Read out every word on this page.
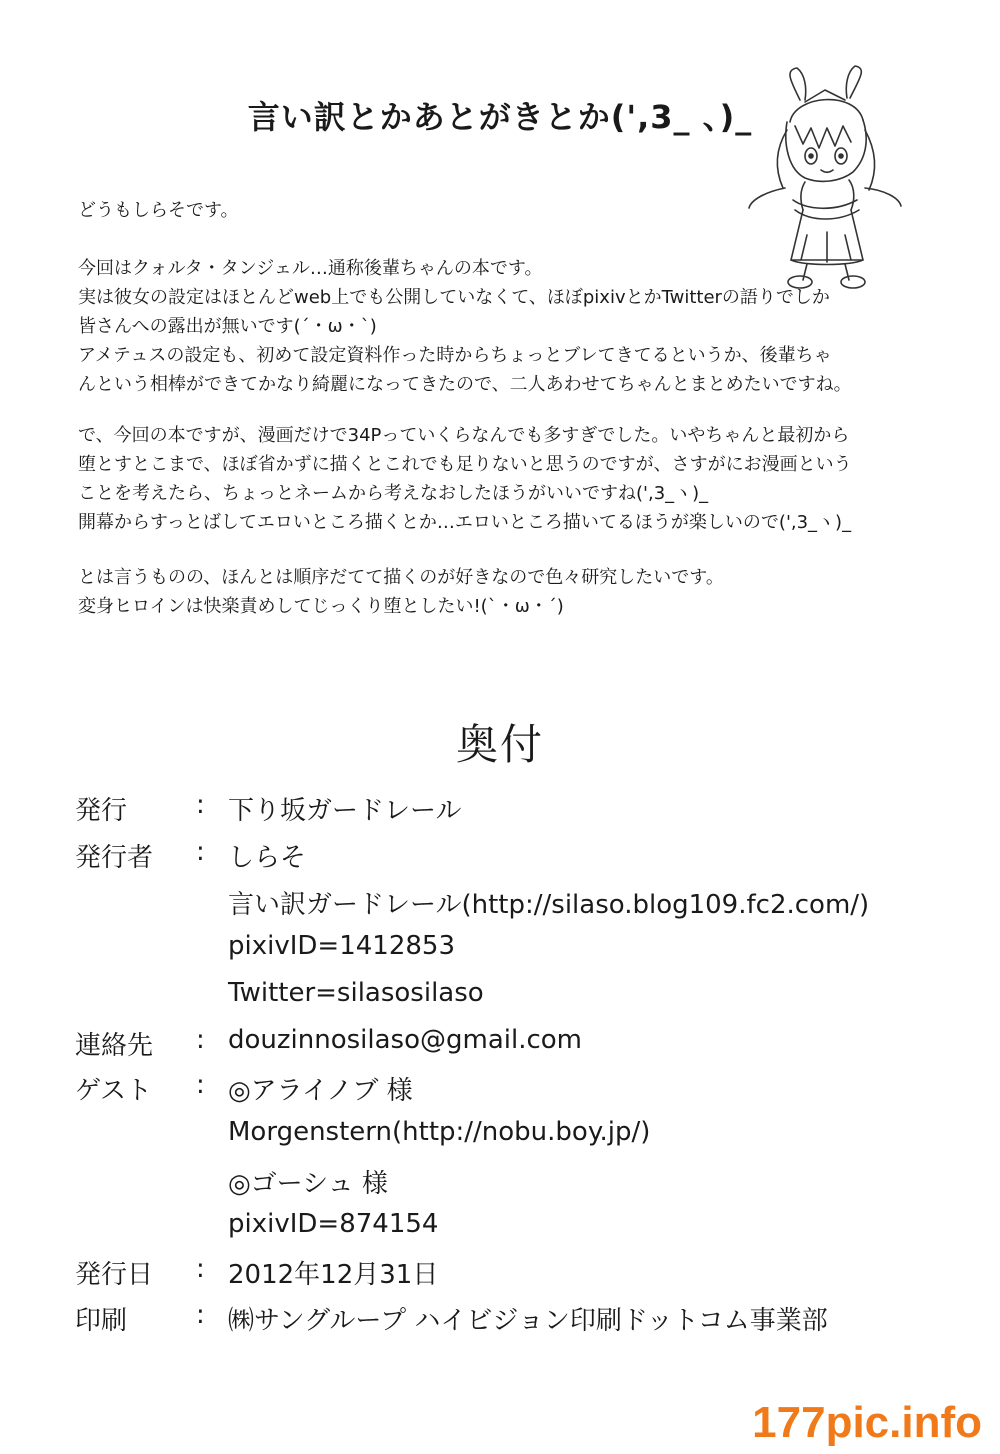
言い訳とかあとがきとか(',3_ 、)_
どうもしらそです。
今回はクォルタ・タンジェル…通称後輩ちゃんの本です。
実は彼女の設定はほとんどweb上でも公開していなくて、ほぼpixivとかTwitterの語りでしか
皆さんへの露出が無いです(´・ω・`)
アメテュスの設定も、初めて設定資料作った時からちょっとブレてきてるというか、後輩ちゃ
んという相棒ができてかなり綺麗になってきたので、二人あわせてちゃんとまとめたいですね。
で、今回の本ですが、漫画だけで34Pっていくらなんでも多すぎでした。いやちゃんと最初から
堕とすとこまで、ほぼ省かずに描くとこれでも足りないと思うのですが、さすがにお漫画という
ことを考えたら、ちょっとネームから考えなおしたほうがいいですね(',3_ヽ)_
開幕からすっとばしてエロいところ描くとか…エロいところ描いてるほうが楽しいので(',3_ヽ)_
とは言うものの、ほんとは順序だてて描くのが好きなので色々研究したいです。
変身ヒロインは快楽責めしてじっくり堕としたい!(`・ω・´)
奥付
発行	: 下り坂ガードレール
発行者 : しらそ
言い訳ガードレール(http://silaso.blog109.fc2.com/)
pixivID=1412853
Twitter=silasosilaso
連絡先 : douzinnosilaso@gmail.com
ゲスト : ◎アライノブ 様
Morgenstern(http://nobu.boy.jp/)
◎ゴーシュ 様
pixivID=874154
発行日 : 2012年12月31日
印刷	: ㈱サングループ ハイビジョン印刷ドットコム事業部
177pic.info
